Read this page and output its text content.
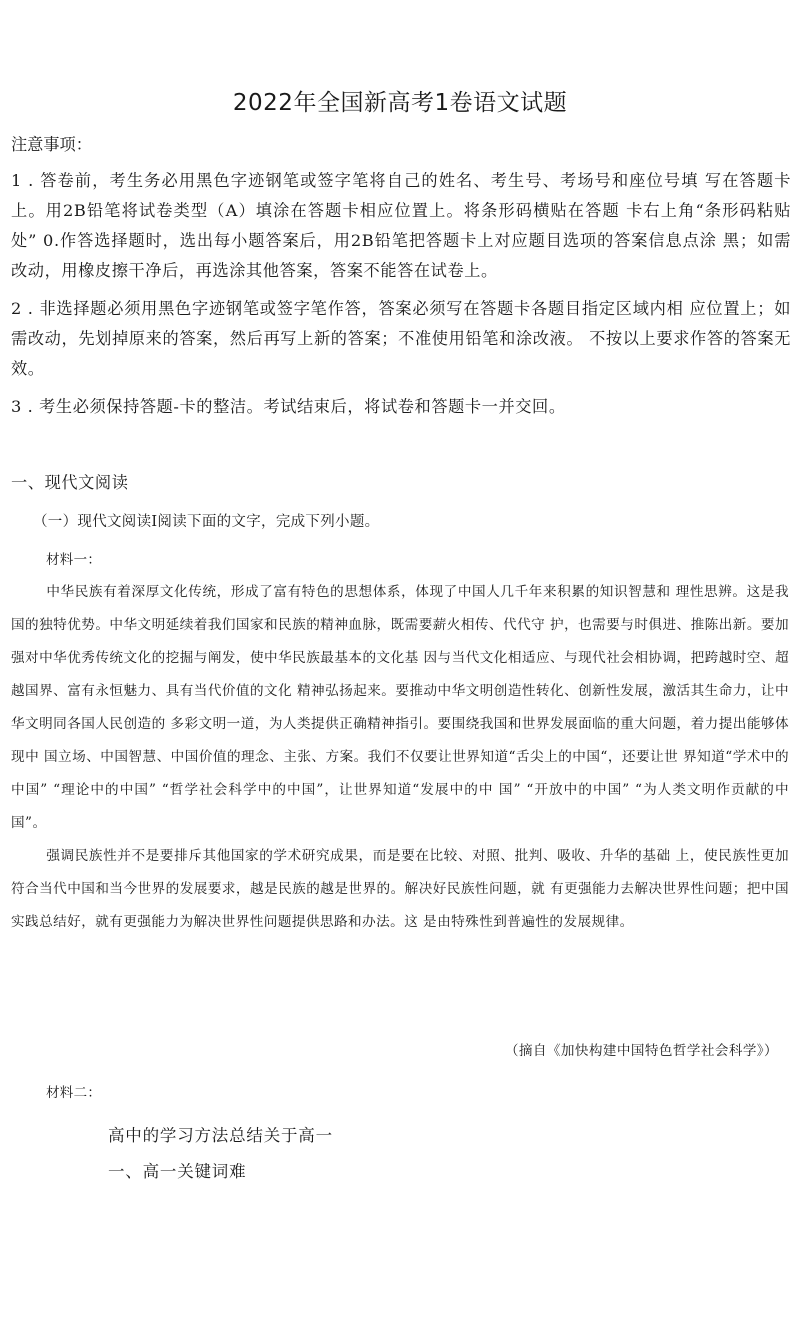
2022年全国新高考1卷语文试题
注意事项：
1 . 答卷前，考生务必用黑色字迹钢笔或签字笔将自己的姓名、考生号、考场号和座位号填 写在答题卡上。用2B铅笔将试卷类型（A）填涂在答题卡相应位置上。将条形码横贴在答题 卡右上角“条形码粘贴处” 0.作答选择题时，选出每小题答案后，用2B铅笔把答题卡上对应题目选项的答案信息点涂 黑；如需改动，用橡皮擦干净后，再选涂其他答案，答案不能答在试卷上。
2 . 非选择题必须用黑色字迹钢笔或签字笔作答，答案必须写在答题卡各题目指定区域内相 应位置上；如需改动，先划掉原来的答案，然后再写上新的答案；不准使用铅笔和涂改液。 不按以上要求作答的答案无效。
3 . 考生必须保持答题-卡的整洁。考试结束后，将试卷和答题卡一并交回。
一、现代文阅读
（一）现代文阅读I阅读下面的文字，完成下列小题。
材料一：

中华民族有着深厚文化传统，形成了富有特色的思想体系，体现了中国人几千年来积累的知识智慧和 理性思辨。这是我国的独特优势。中华文明延续着我们国家和民族的精神血脉，既需要薪火相传、代代守 护，也需要与时俱进、推陈出新。要加强对中华优秀传统文化的挖掘与阐发，使中华民族最基本的文化基 因与当代文化相适应、与现代社会相协调，把跨越时空、超越国界、富有永恒魅力、具有当代价值的文化 精神弘扬起来。要推动中华文明创造性转化、创新性发展，激活其生命力，让中华文明同各国人民创造的 多彩文明一道，为人类提供正确精神指引。要围绕我国和世界发展面临的重大问题，着力提出能够体现中 国立场、中国智慧、中国价值的理念、主张、方案。我们不仅要让世界知道“舌尖上的中国“，还要让世 界知道“学术中的中国” “理论中的中国” “哲学社会科学中的中国”，让世界知道“发展中的中 国” “开放中的中国” “为人类文明作贡献的中国”。

强调民族性并不是要排斥其他国家的学术研究成果，而是要在比较、对照、批判、吸收、升华的基础 上，使民族性更加符合当代中国和当今世界的发展要求，越是民族的越是世界的。解决好民族性问题，就 有更强能力去解决世界性问题；把中国实践总结好，就有更强能力为解决世界性问题提供思路和办法。这 是由特殊性到普遍性的发展规律。

（摘自《加快构建中国特色哲学社会科学》）
材料二：
高中的学习方法总结关于高一
一、高一关键词难
